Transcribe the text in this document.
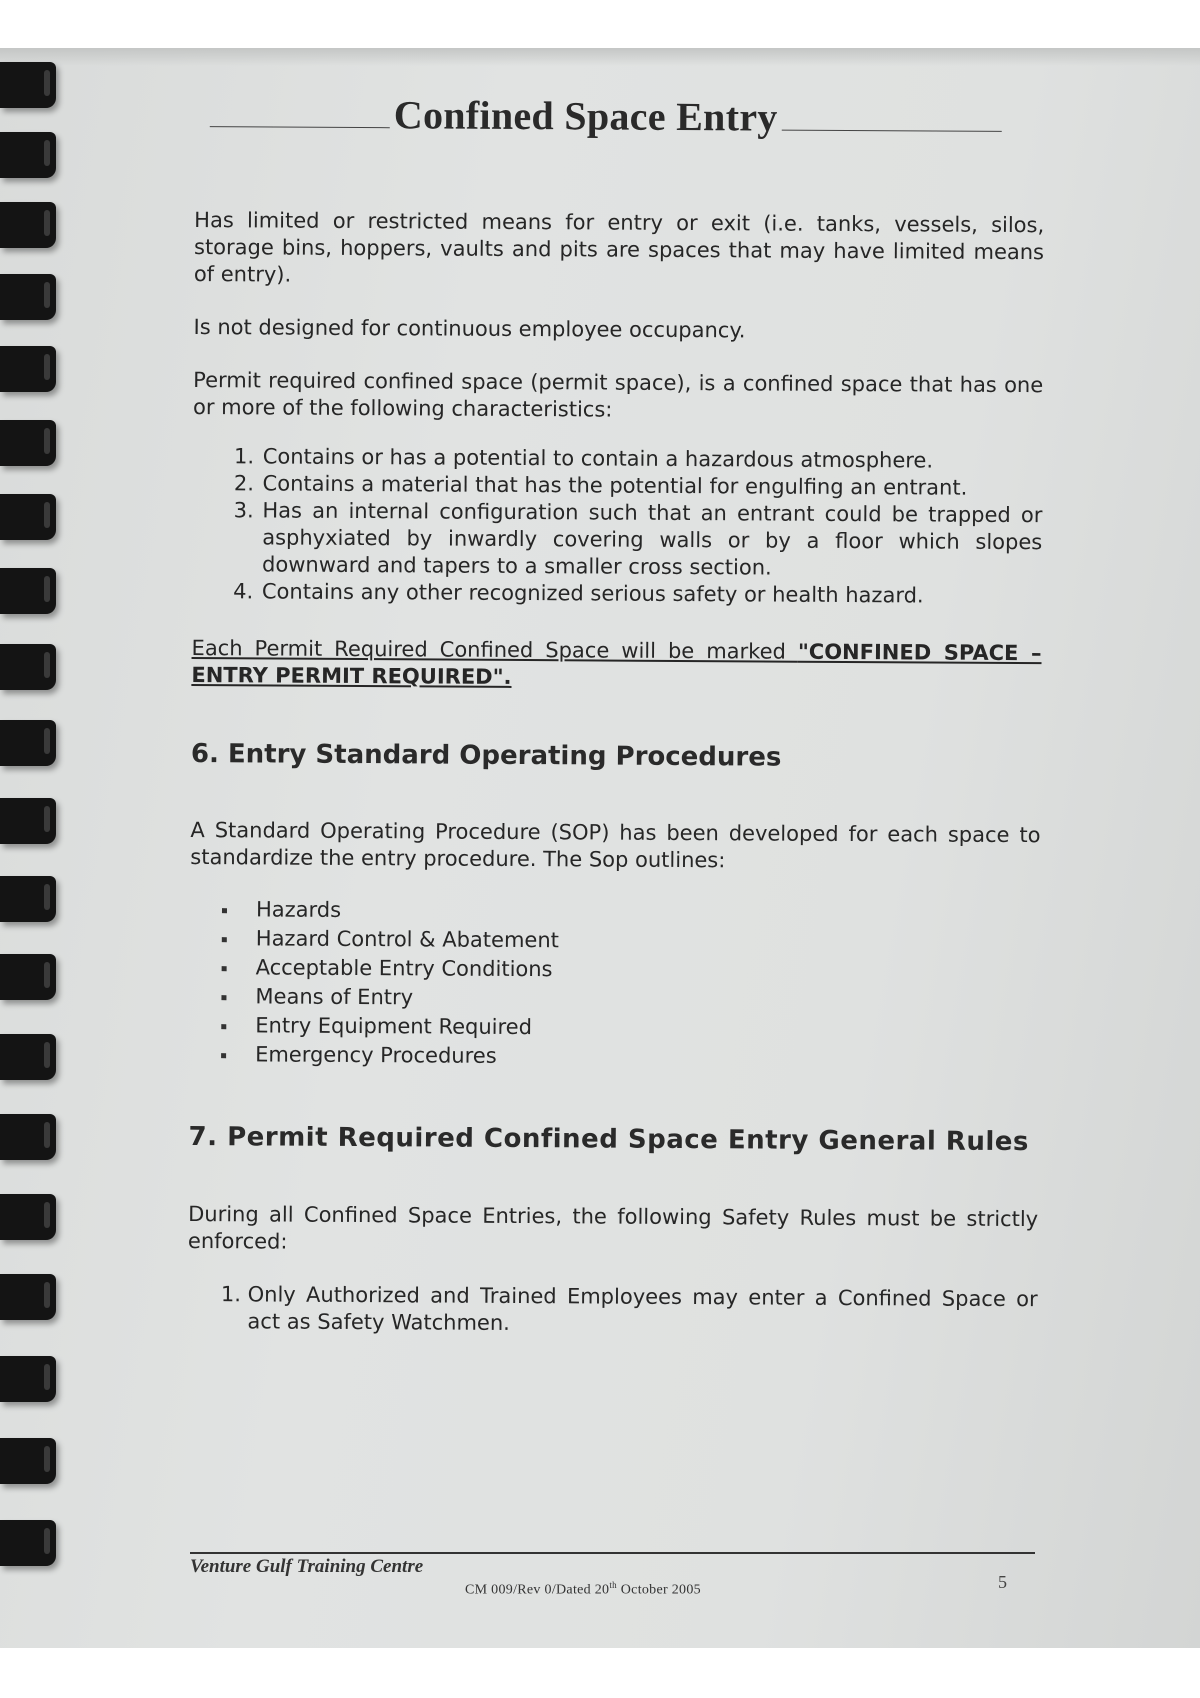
Confined Space Entry

Has limited or restricted means for entry or exit (i.e. tanks, vessels, silos, storage bins, hoppers, vaults and pits are spaces that may have limited means of entry).

Is not designed for continuous employee occupancy.

Permit required confined space (permit space), is a confined space that has one or more of the following characteristics:

1. Contains or has a potential to contain a hazardous atmosphere.
2. Contains a material that has the potential for engulfing an entrant.
3. Has an internal configuration such that an entrant could be trapped or asphyxiated by inwardly covering walls or by a floor which slopes downward and tapers to a smaller cross section.
4. Contains any other recognized serious safety or health hazard.
Each Permit Required Confined Space will be marked "CONFINED SPACE – ENTRY PERMIT REQUIRED".
6. Entry Standard Operating Procedures

A Standard Operating Procedure (SOP) has been developed for each space to standardize the entry procedure. The Sop outlines:

Hazards
Hazard Control & Abatement
Acceptable Entry Conditions
Means of Entry
Entry Equipment Required
Emergency Procedures
7. Permit Required Confined Space Entry General Rules

During all Confined Space Entries, the following Safety Rules must be strictly enforced:

1. Only Authorized and Trained Employees may enter a Confined Space or act as Safety Watchmen.
Venture Gulf Training Centre
CM 009/Rev 0/Dated 20th October 2005	5
